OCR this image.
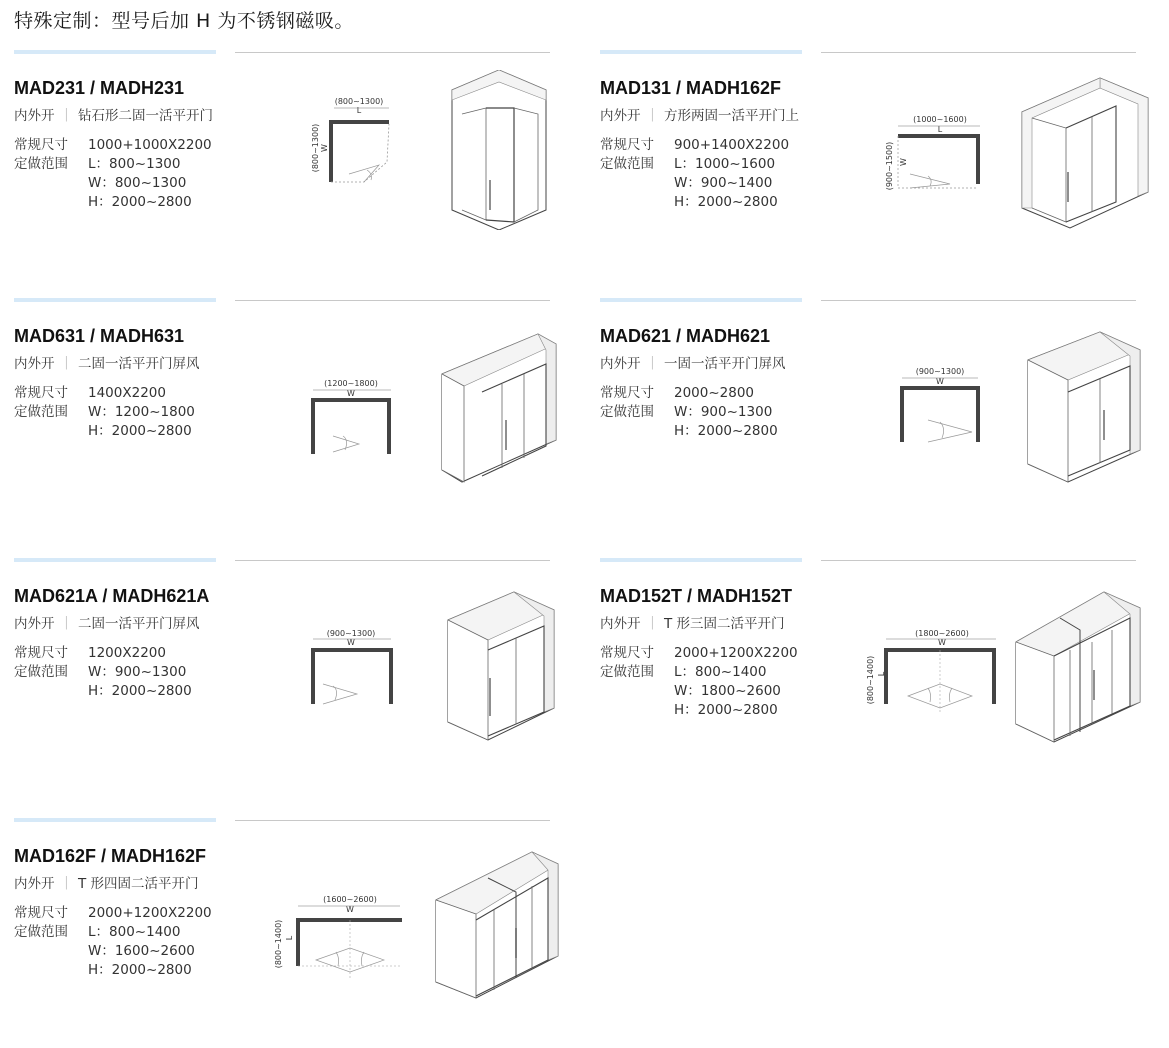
特殊定制：型号后加 H 为不锈钢磁吸。
MAD231 / MADH231
内外开 ｜ 钻石形二固一活平开门
常规尺寸	1000+1000X2200
定做范围	L：800~1300
W：800~1300
H：2000~2800
(800~1300)
L
(800~1300) W
MAD131 / MADH162F
内外开 ｜ 方形两固一活平开门上
常规尺寸	900+1400X2200
定做范围	L：1000~1600
W：900~1400
H：2000~2800
(1000~1600)
L
(900~1500) W
MAD631 / MADH631
内外开 ｜ 二固一活平开门屏风
常规尺寸	1400X2200
定做范围	W：1200~1800
H：2000~2800
(1200~1800)
W
MAD621 / MADH621
内外开 ｜ 一固一活平开门屏风
常规尺寸	2000~2800
定做范围	W：900~1300
H：2000~2800
(900~1300)
W
MAD621A / MADH621A
内外开 ｜ 二固一活平开门屏风
常规尺寸	1200X2200
定做范围	W：900~1300
H：2000~2800
(900~1300)
W
MAD152T / MADH152T
内外开 ｜ T 形三固二活平开门
常规尺寸	2000+1200X2200
定做范围	L：800~1400
W：1800~2600
H：2000~2800
(1800~2600)
W
(800~1400) L
MAD162F / MADH162F
内外开 ｜ T 形四固二活平开门
常规尺寸	2000+1200X2200
定做范围	L：800~1400
W：1600~2600
H：2000~2800
(1600~2600)
W
(800~1400) L
